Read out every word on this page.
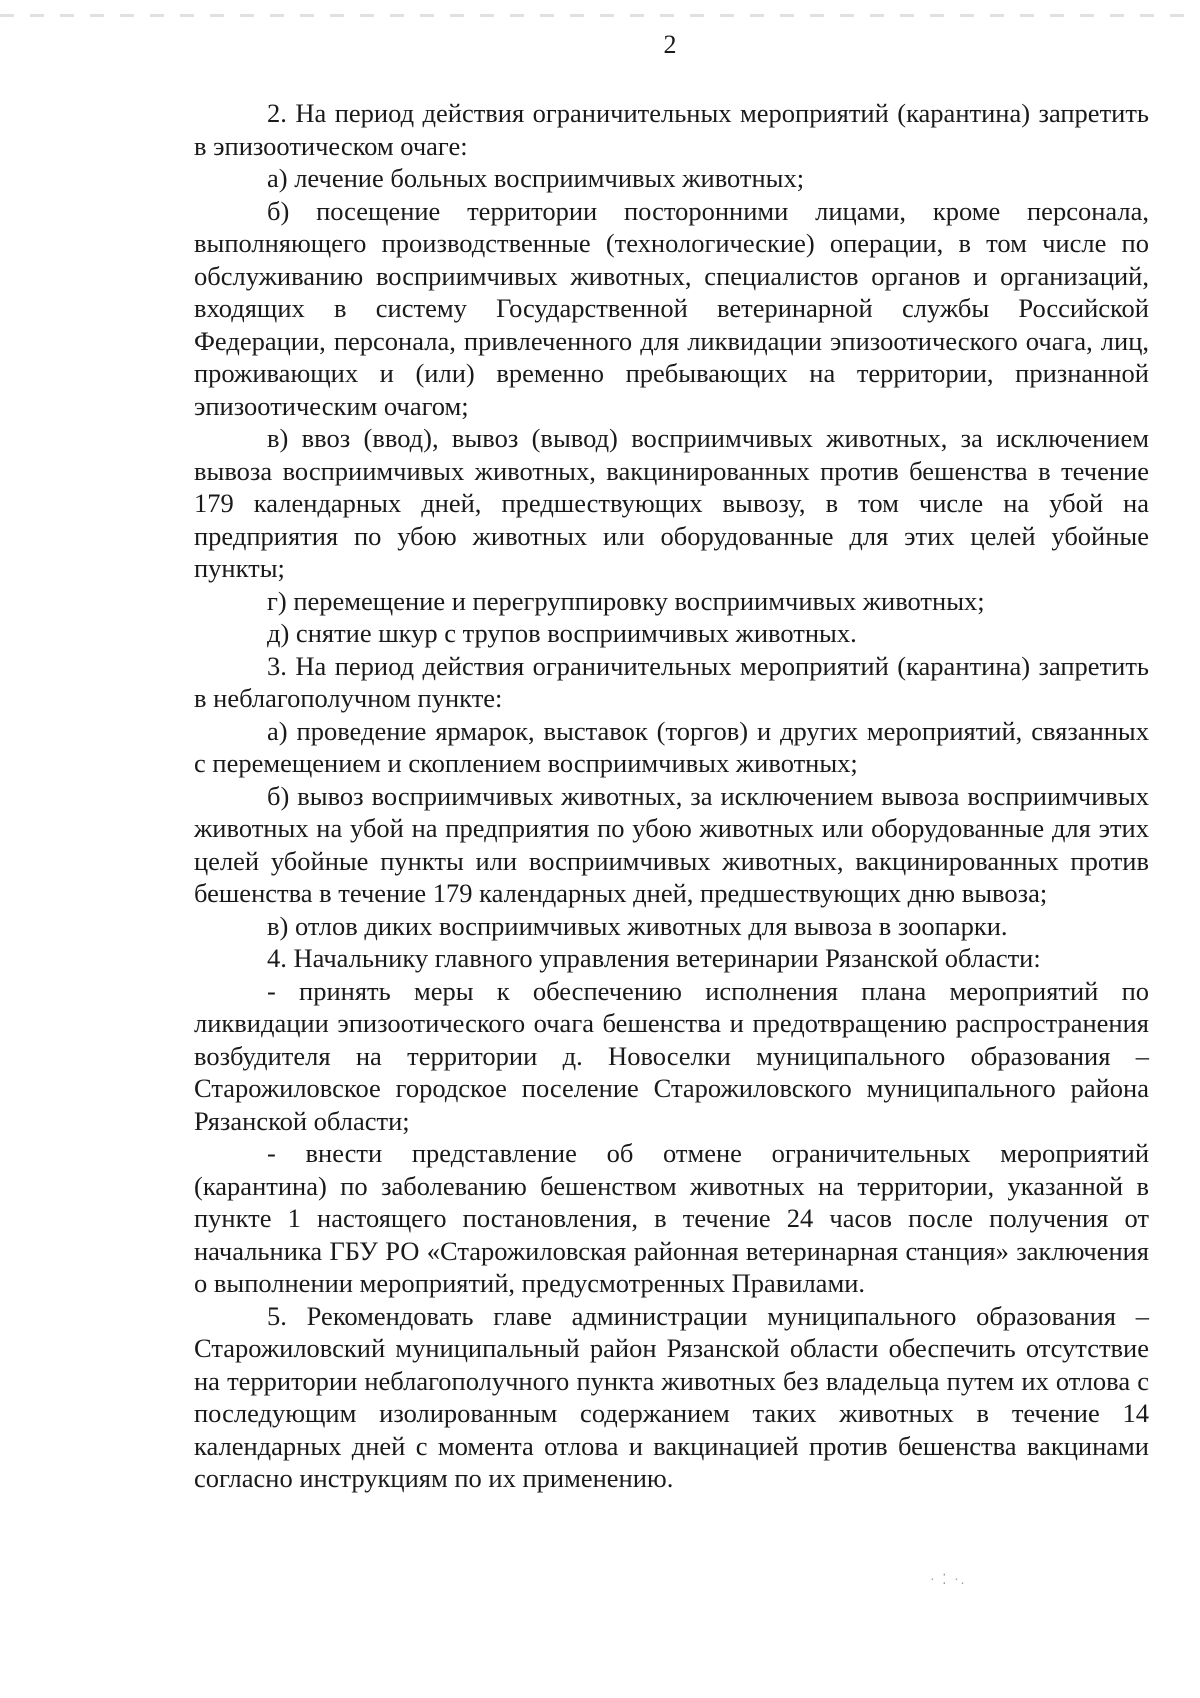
2

2. На период действия ограничительных мероприятий (карантина) запретить в эпизоотическом очаге:

а) лечение больных восприимчивых животных;

б) посещение территории посторонними лицами, кроме персонала, выполняющего производственные (технологические) операции, в том числе по обслуживанию восприимчивых животных, специалистов органов и организаций, входящих в систему Государственной ветеринарной службы Российской Федерации, персонала, привлеченного для ликвидации эпизоотического очага, лиц, проживающих и (или) временно пребывающих на территории, признанной эпизоотическим очагом;

в) ввоз (ввод), вывоз (вывод) восприимчивых животных, за исключением вывоза восприимчивых животных, вакцинированных против бешенства в течение 179 календарных дней, предшествующих вывозу, в том числе на убой на предприятия по убою животных или оборудованные для этих целей убойные пункты;

г) перемещение и перегруппировку восприимчивых животных;

д) снятие шкур с трупов восприимчивых животных.

3. На период действия ограничительных мероприятий (карантина) запретить в неблагополучном пункте:

а) проведение ярмарок, выставок (торгов) и других мероприятий, связанных с перемещением и скоплением восприимчивых животных;

б) вывоз восприимчивых животных, за исключением вывоза восприимчивых животных на убой на предприятия по убою животных или оборудованные для этих целей убойные пункты или восприимчивых животных, вакцинированных против бешенства в течение 179 календарных дней, предшествующих дню вывоза;

в) отлов диких восприимчивых животных для вывоза в зоопарки.

4. Начальнику главного управления ветеринарии Рязанской области:

- принять меры к обеспечению исполнения плана мероприятий по ликвидации эпизоотического очага бешенства и предотвращению распространения возбудителя на территории д. Новоселки муниципального образования – Старожиловское городское поселение Старожиловского муниципального района Рязанской области;

- внести представление об отмене ограничительных мероприятий (карантина) по заболеванию бешенством животных на территории, указанной в пункте 1 настоящего постановления, в течение 24 часов после получения от начальника ГБУ РО «Старожиловская районная ветеринарная станция» заключения о выполнении мероприятий, предусмотренных Правилами.

5. Рекомендовать главе администрации муниципального образования – Старожиловский муниципальный район Рязанской области обеспечить отсутствие на территории неблагополучного пункта животных без владельца путем их отлова с последующим изолированным содержанием таких животных в течение 14 календарных дней с момента отлова и вакцинацией против бешенства вакцинами согласно инструкциям по их применению.

· ⁚ ·.
